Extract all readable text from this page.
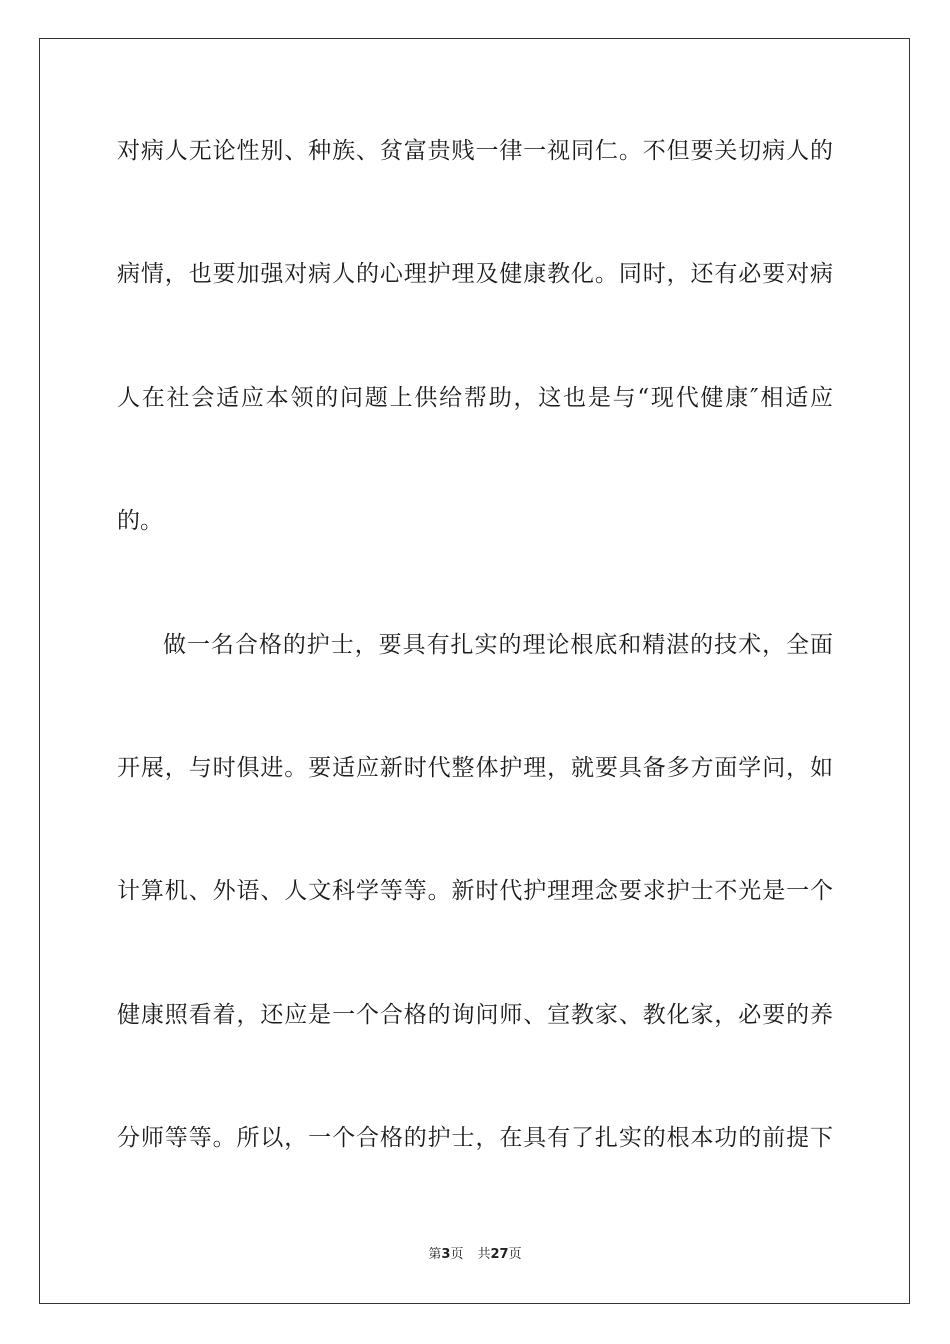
对病人无论性别、种族、贫富贵贱一律一视同仁。不但要关切病人的
病情，也要加强对病人的心理护理及健康教化。同时，还有必要对病
人在社会适应本领的问题上供给帮助，这也是与“现代健康″相适应
的。
做一名合格的护士，要具有扎实的理论根底和精湛的技术，全面
开展，与时俱进。要适应新时代整体护理，就要具备多方面学问，如
计算机、外语、人文科学等等。新时代护理理念要求护士不光是一个
健康照看着，还应是一个合格的询问师、宣教家、教化家，必要的养
分师等等。所以，一个合格的护士，在具有了扎实的根本功的前提下
第3页 共27页
